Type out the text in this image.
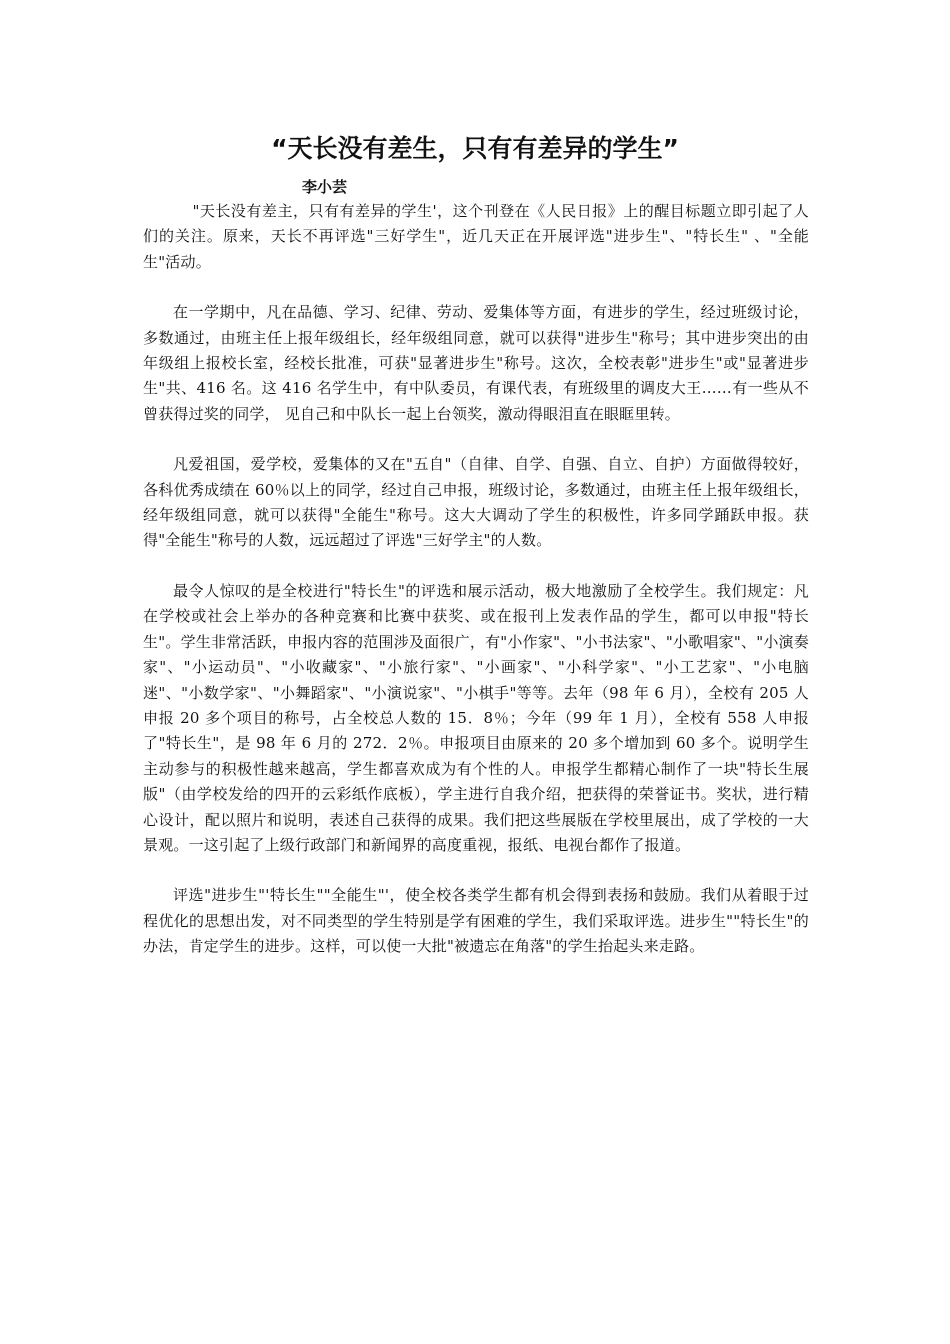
“天长没有差生，只有有差异的学生”
李小芸

"天长没有差主，只有有差异的学生'，这个刊登在《人民日报》上的醒目标题立即引起了人们的关注。原来，天长不再评选"三好学生"，近几天正在开展评选"进步生"、"特长生" 、"全能生"活动。

在一学期中，凡在品德、学习、纪律、劳动、爱集体等方面，有进步的学生，经过班级讨论，多数通过，由班主任上报年级组长，经年级组同意，就可以获得"进步生"称号；其中进步突出的由年级组上报校长室，经校长批准，可获"显著进步生"称号。这次，全校表彰"进步生"或"显著进步生"共、416 名。这 416 名学生中，有中队委员，有课代表，有班级里的调皮大王……有一些从不曾获得过奖的同学， 见自己和中队长一起上台领奖，激动得眼泪直在眼眶里转。

凡爱祖国，爱学校，爱集体的又在"五自"（自律、自学、自强、自立、自护）方面做得较好，各科优秀成绩在 60％以上的同学，经过自己申报，班级讨论，多数通过，由班主任上报年级组长，经年级组同意，就可以获得"全能生"称号。这大大调动了学生的积极性，许多同学踊跃申报。获得"全能生"称号的人数，远远超过了评选"三好学主"的人数。

最令人惊叹的是全校进行"特长生"的评选和展示活动，极大地激励了全校学生。我们规定：凡在学校或社会上举办的各种竞赛和比赛中获奖、或在报刊上发表作品的学生，都可以申报"特长生"。学生非常活跃，申报内容的范围涉及面很广，有"小作家"、"小书法家"、"小歌唱家"、"小演奏家"、"小运动员"、"小收藏家"、"小旅行家"、"小画家"、"小科学家"、"小工艺家"、"小电脑迷"、"小数学家"、"小舞蹈家"、"小演说家"、"小棋手"等等。去年（98 年 6 月），全校有 205 人申报 20 多个项目的称号，占全校总人数的 15．8％；今年（99 年 1 月），全校有 558 人申报了"特长生"，是 98 年 6 月的 272．2％。申报项目由原来的 20 多个增加到 60 多个。说明学生主动参与的积极性越来越高，学生都喜欢成为有个性的人。申报学生都精心制作了一块"特长生展版"（由学校发给的四开的云彩纸作底板），学主进行自我介绍，把获得的荣誉证书。奖状，进行精心设计，配以照片和说明，表述自己获得的成果。我们把这些展版在学校里展出，成了学校的一大景观。一这引起了上级行政部门和新闻界的高度重视，报纸、电视台都作了报道。

评选"进步生"'特长生""全能生"'，使全校各类学生都有机会得到表扬和鼓励。我们从着眼于过程优化的思想出发，对不同类型的学生特别是学有困难的学生，我们采取评选。进步生""特长生"的办法，肯定学生的进步。这样，可以使一大批"被遗忘在角落"的学生抬起头来走路。
